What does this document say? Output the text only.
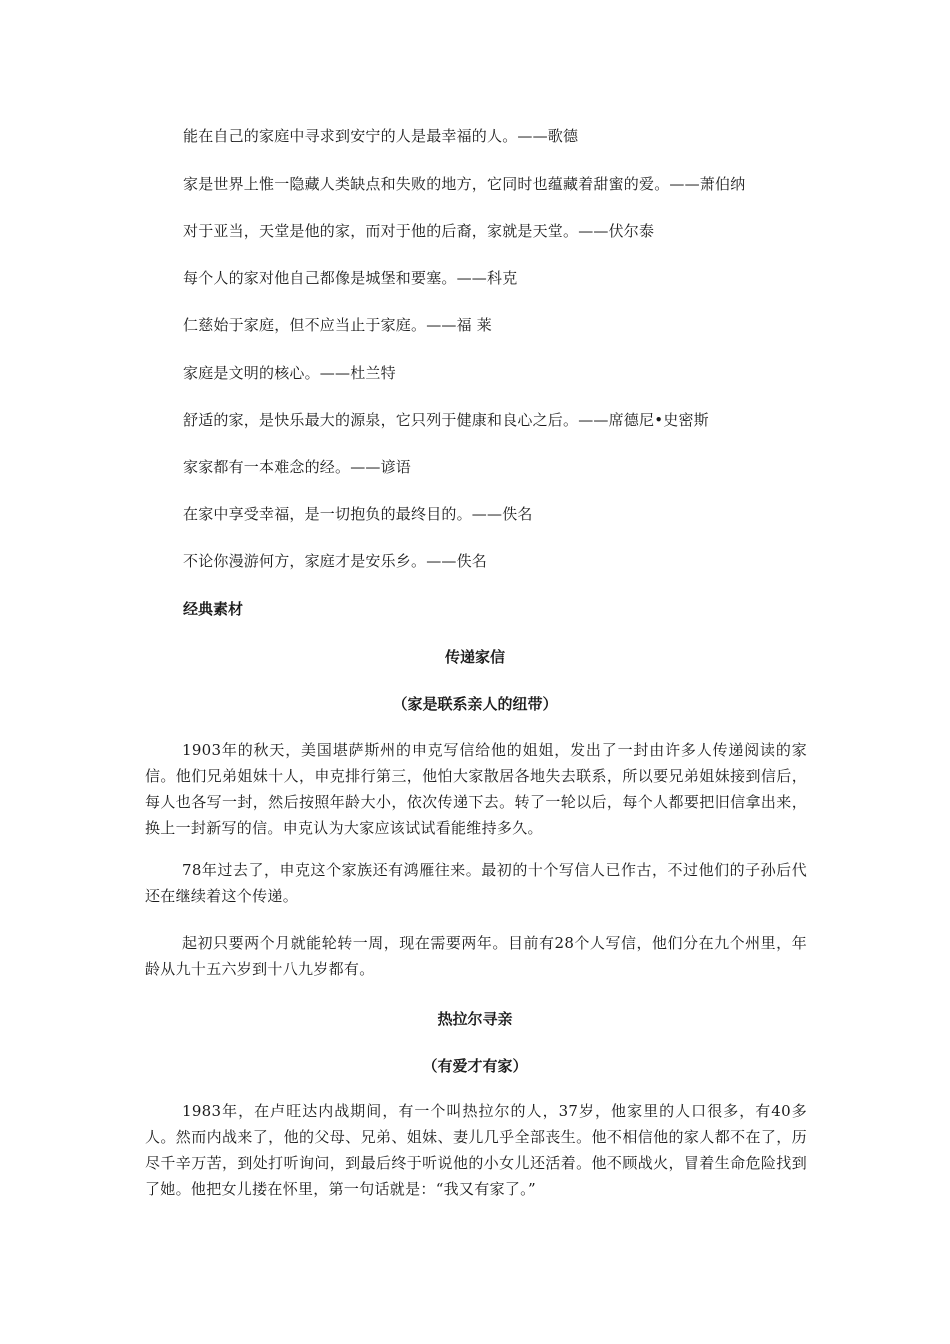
能在自己的家庭中寻求到安宁的人是最幸福的人。——歌德
家是世界上惟一隐藏人类缺点和失败的地方，它同时也蕴藏着甜蜜的爱。——萧伯纳
对于亚当，天堂是他的家，而对于他的后裔，家就是天堂。——伏尔泰
每个人的家对他自己都像是城堡和要塞。——科克
仁慈始于家庭，但不应当止于家庭。——福 莱
家庭是文明的核心。——杜兰特
舒适的家，是快乐最大的源泉，它只列于健康和良心之后。——席德尼•史密斯
家家都有一本难念的经。——谚语
在家中享受幸福，是一切抱负的最终目的。——佚名
不论你漫游何方，家庭才是安乐乡。——佚名
经典素材
传递家信
（家是联系亲人的纽带）
1903年的秋天，美国堪萨斯州的申克写信给他的姐姐，发出了一封由许多人传递阅读的家信。他们兄弟姐妹十人，申克排行第三，他怕大家散居各地失去联系，所以要兄弟姐妹接到信后，每人也各写一封，然后按照年龄大小，依次传递下去。转了一轮以后，每个人都要把旧信拿出来，换上一封新写的信。申克认为大家应该试试看能维持多久。
78年过去了，申克这个家族还有鸿雁往来。最初的十个写信人已作古，不过他们的子孙后代还在继续着这个传递。
起初只要两个月就能轮转一周，现在需要两年。目前有28个人写信，他们分在九个州里，年龄从九十五六岁到十八九岁都有。
热拉尔寻亲
（有爱才有家）
1983年，在卢旺达内战期间，有一个叫热拉尔的人，37岁，他家里的人口很多，有40多人。然而内战来了，他的父母、兄弟、姐妹、妻儿几乎全部丧生。他不相信他的家人都不在了，历尽千辛万苦，到处打听询问，到最后终于听说他的小女儿还活着。他不顾战火，冒着生命危险找到了她。他把女儿搂在怀里，第一句话就是：“我又有家了。”
